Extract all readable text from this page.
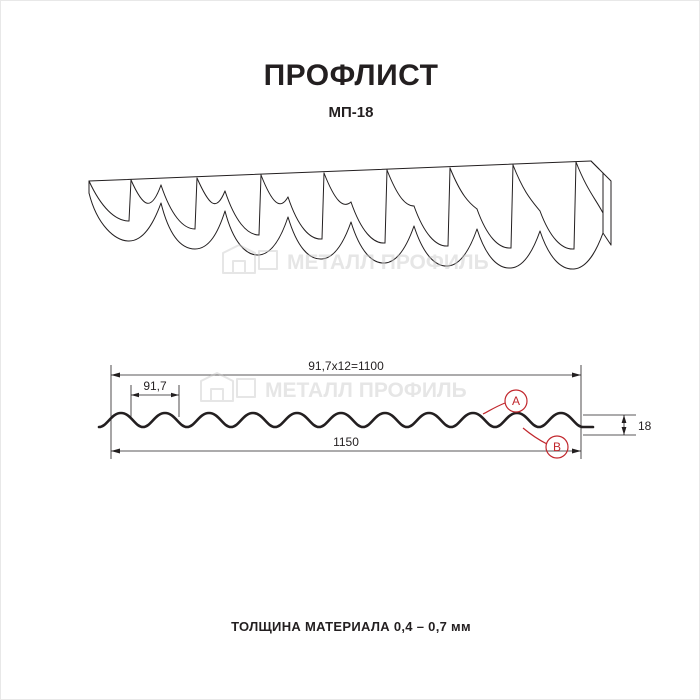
ПРОФЛИСТ
МП-18
91,7x12=1100
91,7
1150
18
A
B
МЕТАЛЛ ПРОФИЛЬ
МЕТАЛЛ ПРОФИЛЬ
ТОЛЩИНА МАТЕРИАЛА 0,4 – 0,7 мм
